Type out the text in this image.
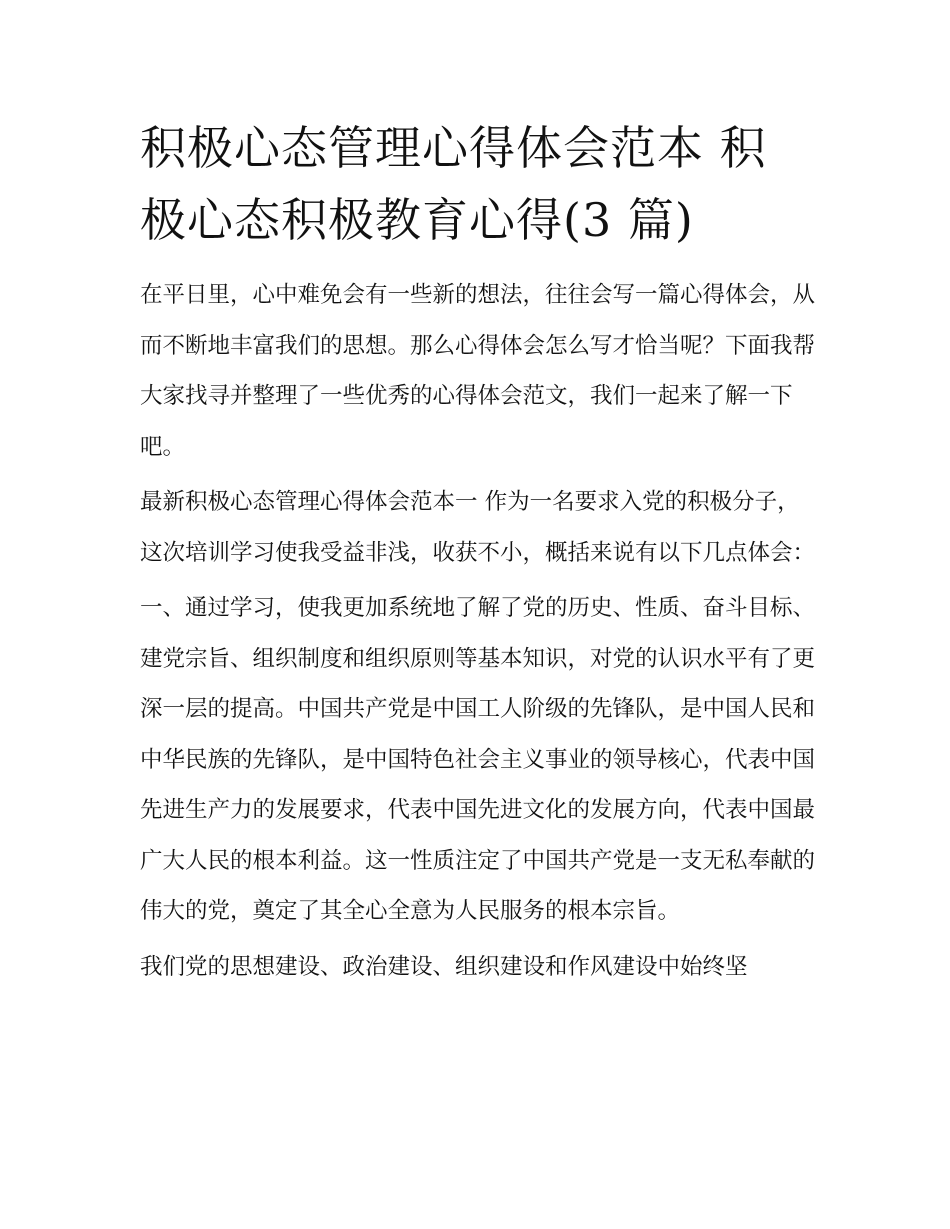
积极心态管理心得体会范本 积
极心态积极教育心得(3 篇)

在平日里，心中难免会有一些新的想法，往往会写一篇心得体会，从而不断地丰富我们的思想。那么心得体会怎么写才恰当呢？下面我帮大家找寻并整理了一些优秀的心得体会范文，我们一起来了解一下吧。

最新积极心态管理心得体会范本一 作为一名要求入党的积极分子，这次培训学习使我受益非浅，收获不小，概括来说有以下几点体会：

一、通过学习，使我更加系统地了解了党的历史、性质、奋斗目标、建党宗旨、组织制度和组织原则等基本知识，对党的认识水平有了更深一层的提高。中国共产党是中国工人阶级的先锋队，是中国人民和中华民族的先锋队，是中国特色社会主义事业的领导核心，代表中国先进生产力的发展要求，代表中国先进文化的发展方向，代表中国最广大人民的根本利益。这一性质注定了中国共产党是一支无私奉献的伟大的党，奠定了其全心全意为人民服务的根本宗旨。

我们党的思想建设、政治建设、组织建设和作风建设中始终坚
